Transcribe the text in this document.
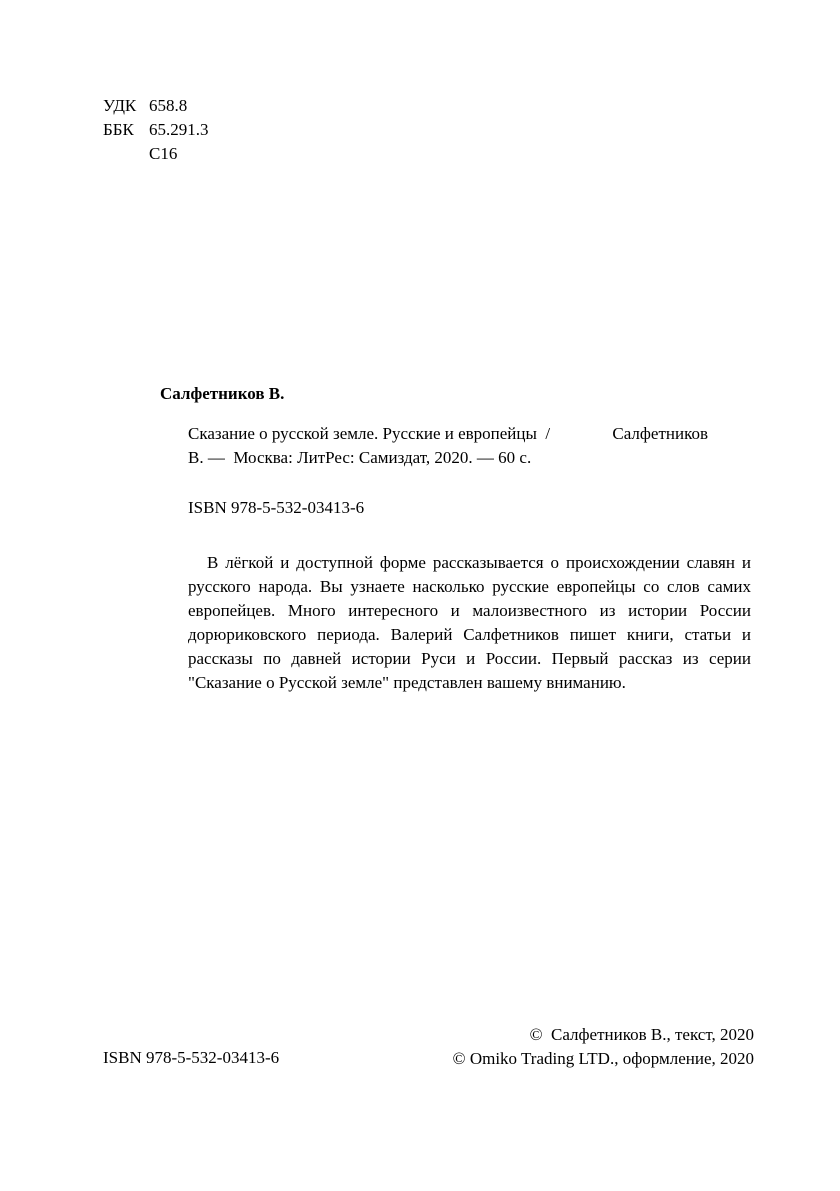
УДК 658.8
ББК 65.291.3
С16
Салфетников В.
Сказание о русской земле. Русские и европейцы  /	Салфетников
В. —  Москва: ЛитРес: Самиздат, 2020. — 60 с.
ISBN 978-5-532-03413-6
В лёгкой и доступной форме рассказывается о происхождении славян и русского народа. Вы узнаете насколько русские европейцы со слов самих европейцев. Много интересного и малоизвестного из истории России дорюриковского периода. Валерий Салфетников пишет книги, статьи и рассказы по давней истории Руси и России. Первый рассказ из серии "Сказание о Русской земле" представлен вашему вниманию.
ISBN 978-5-532-03413-6
©  Салфетников В., текст, 2020
© Omiko Trading LTD., оформление, 2020
